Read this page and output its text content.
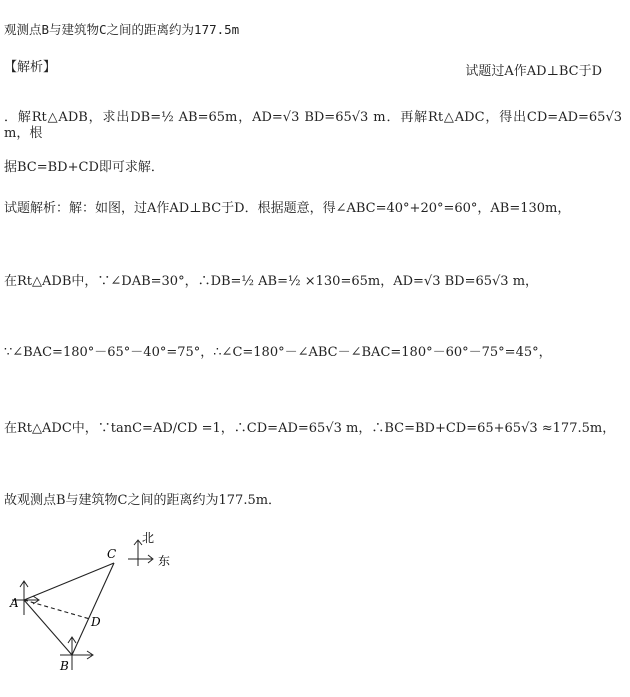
观测点B与建筑物C之间的距离约为177.5m
【解析】	试题过A作AD⊥BC于D
．解Rt△ADB，求出DB=½ AB=65m，AD=√3 BD=65√3 m．再解Rt△ADC，得出CD=AD=65√3 m，根
据BC=BD+CD即可求解．
试题解析：解：如图，过A作AD⊥BC于D．根据题意，得∠ABC=40°+20°=60°，AB=130m，
在Rt△ADB中，∵∠DAB=30°，∴DB=½ AB=½ ×130=65m，AD=√3 BD=65√3 m，
∵∠BAC=180°－65°－40°=75°，∴∠C=180°－∠ABC－∠BAC=180°－60°－75°=45°，
在Rt△ADC中，∵tanC=AD/CD =1，∴CD=AD=65√3 m，∴BC=BD+CD=65+65√3 ≈177.5m，
故观测点B与建筑物C之间的距离约为177.5m．
北
东
C
A
D
B
